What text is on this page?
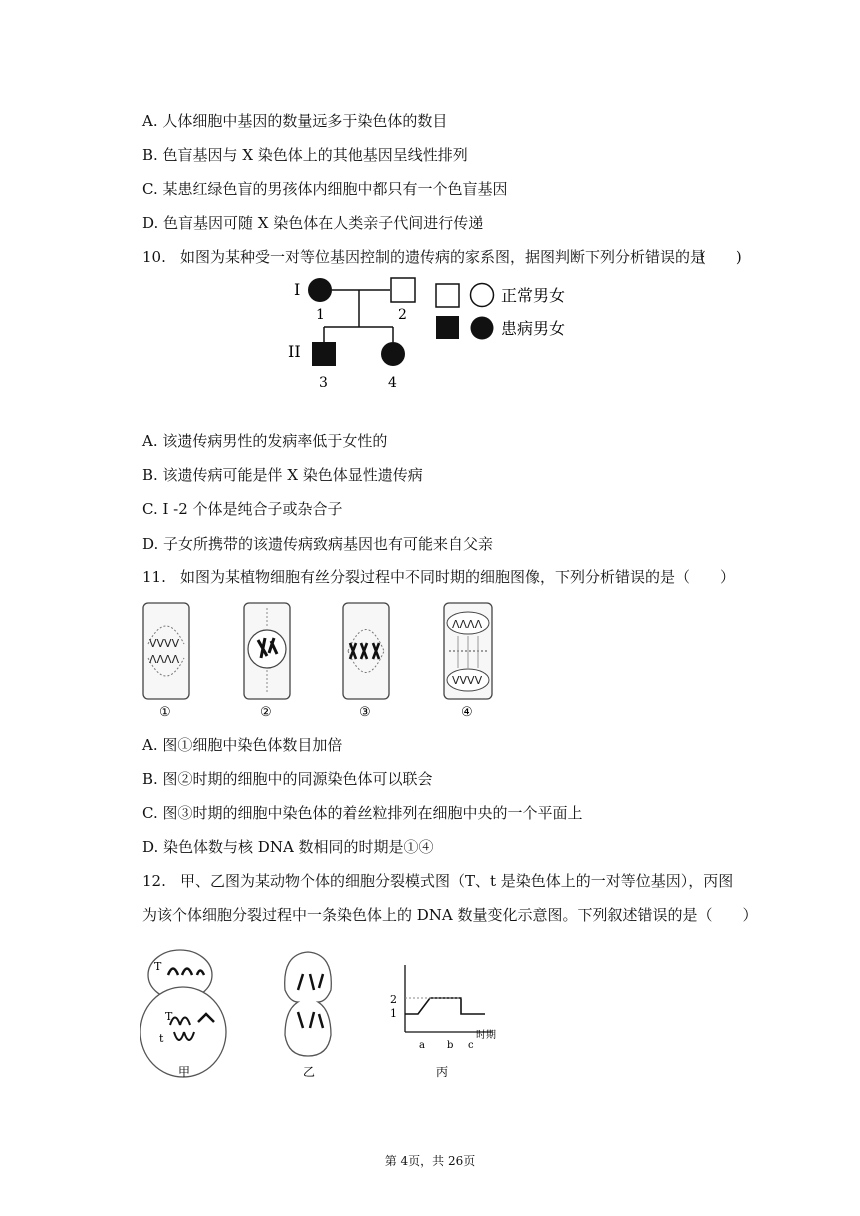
A. 人体细胞中基因的数量远多于染色体的数目
B. 色盲基因与 X 染色体上的其他基因呈线性排列
C. 某患红绿色盲的男孩体内细胞中都只有一个色盲基因
D. 色盲基因可随 X 染色体在人类亲子代间进行传递
10. 如图为某种受一对等位基因控制的遗传病的家系图，据图判断下列分析错误的是
(　　)
I
II
1	2
3	4
正常男女
患病男女
A. 该遗传病男性的发病率低于女性的
B. 该遗传病可能是伴 X 染色体显性遗传病
C. I -2 个体是纯合子或杂合子
D. 子女所携带的该遗传病致病基因也有可能来自父亲
11. 如图为某植物细胞有丝分裂过程中不同时期的细胞图像，下列分析错误的是（　　）
ᐯᐯᐯᐯ
ᐱᐱᐱᐱ
ᐱᐱᐱᐱ
ᐯᐯᐯᐯ
①	②	③	④
A. 图①细胞中染色体数目加倍
B. 图②时期的细胞中的同源染色体可以联会
C. 图③时期的细胞中染色体的着丝粒排列在细胞中央的一个平面上
D. 染色体数与核 DNA 数相同的时期是①④
12. 甲、乙图为某动物个体的细胞分裂模式图（T、t 是染色体上的一对等位基因），丙图
为该个体细胞分裂过程中一条染色体上的 DNA 数量变化示意图。下列叙述错误的是（　　）
T
T
t
2
1
a b c
时期
甲	乙	丙
第 4页，共 26页
